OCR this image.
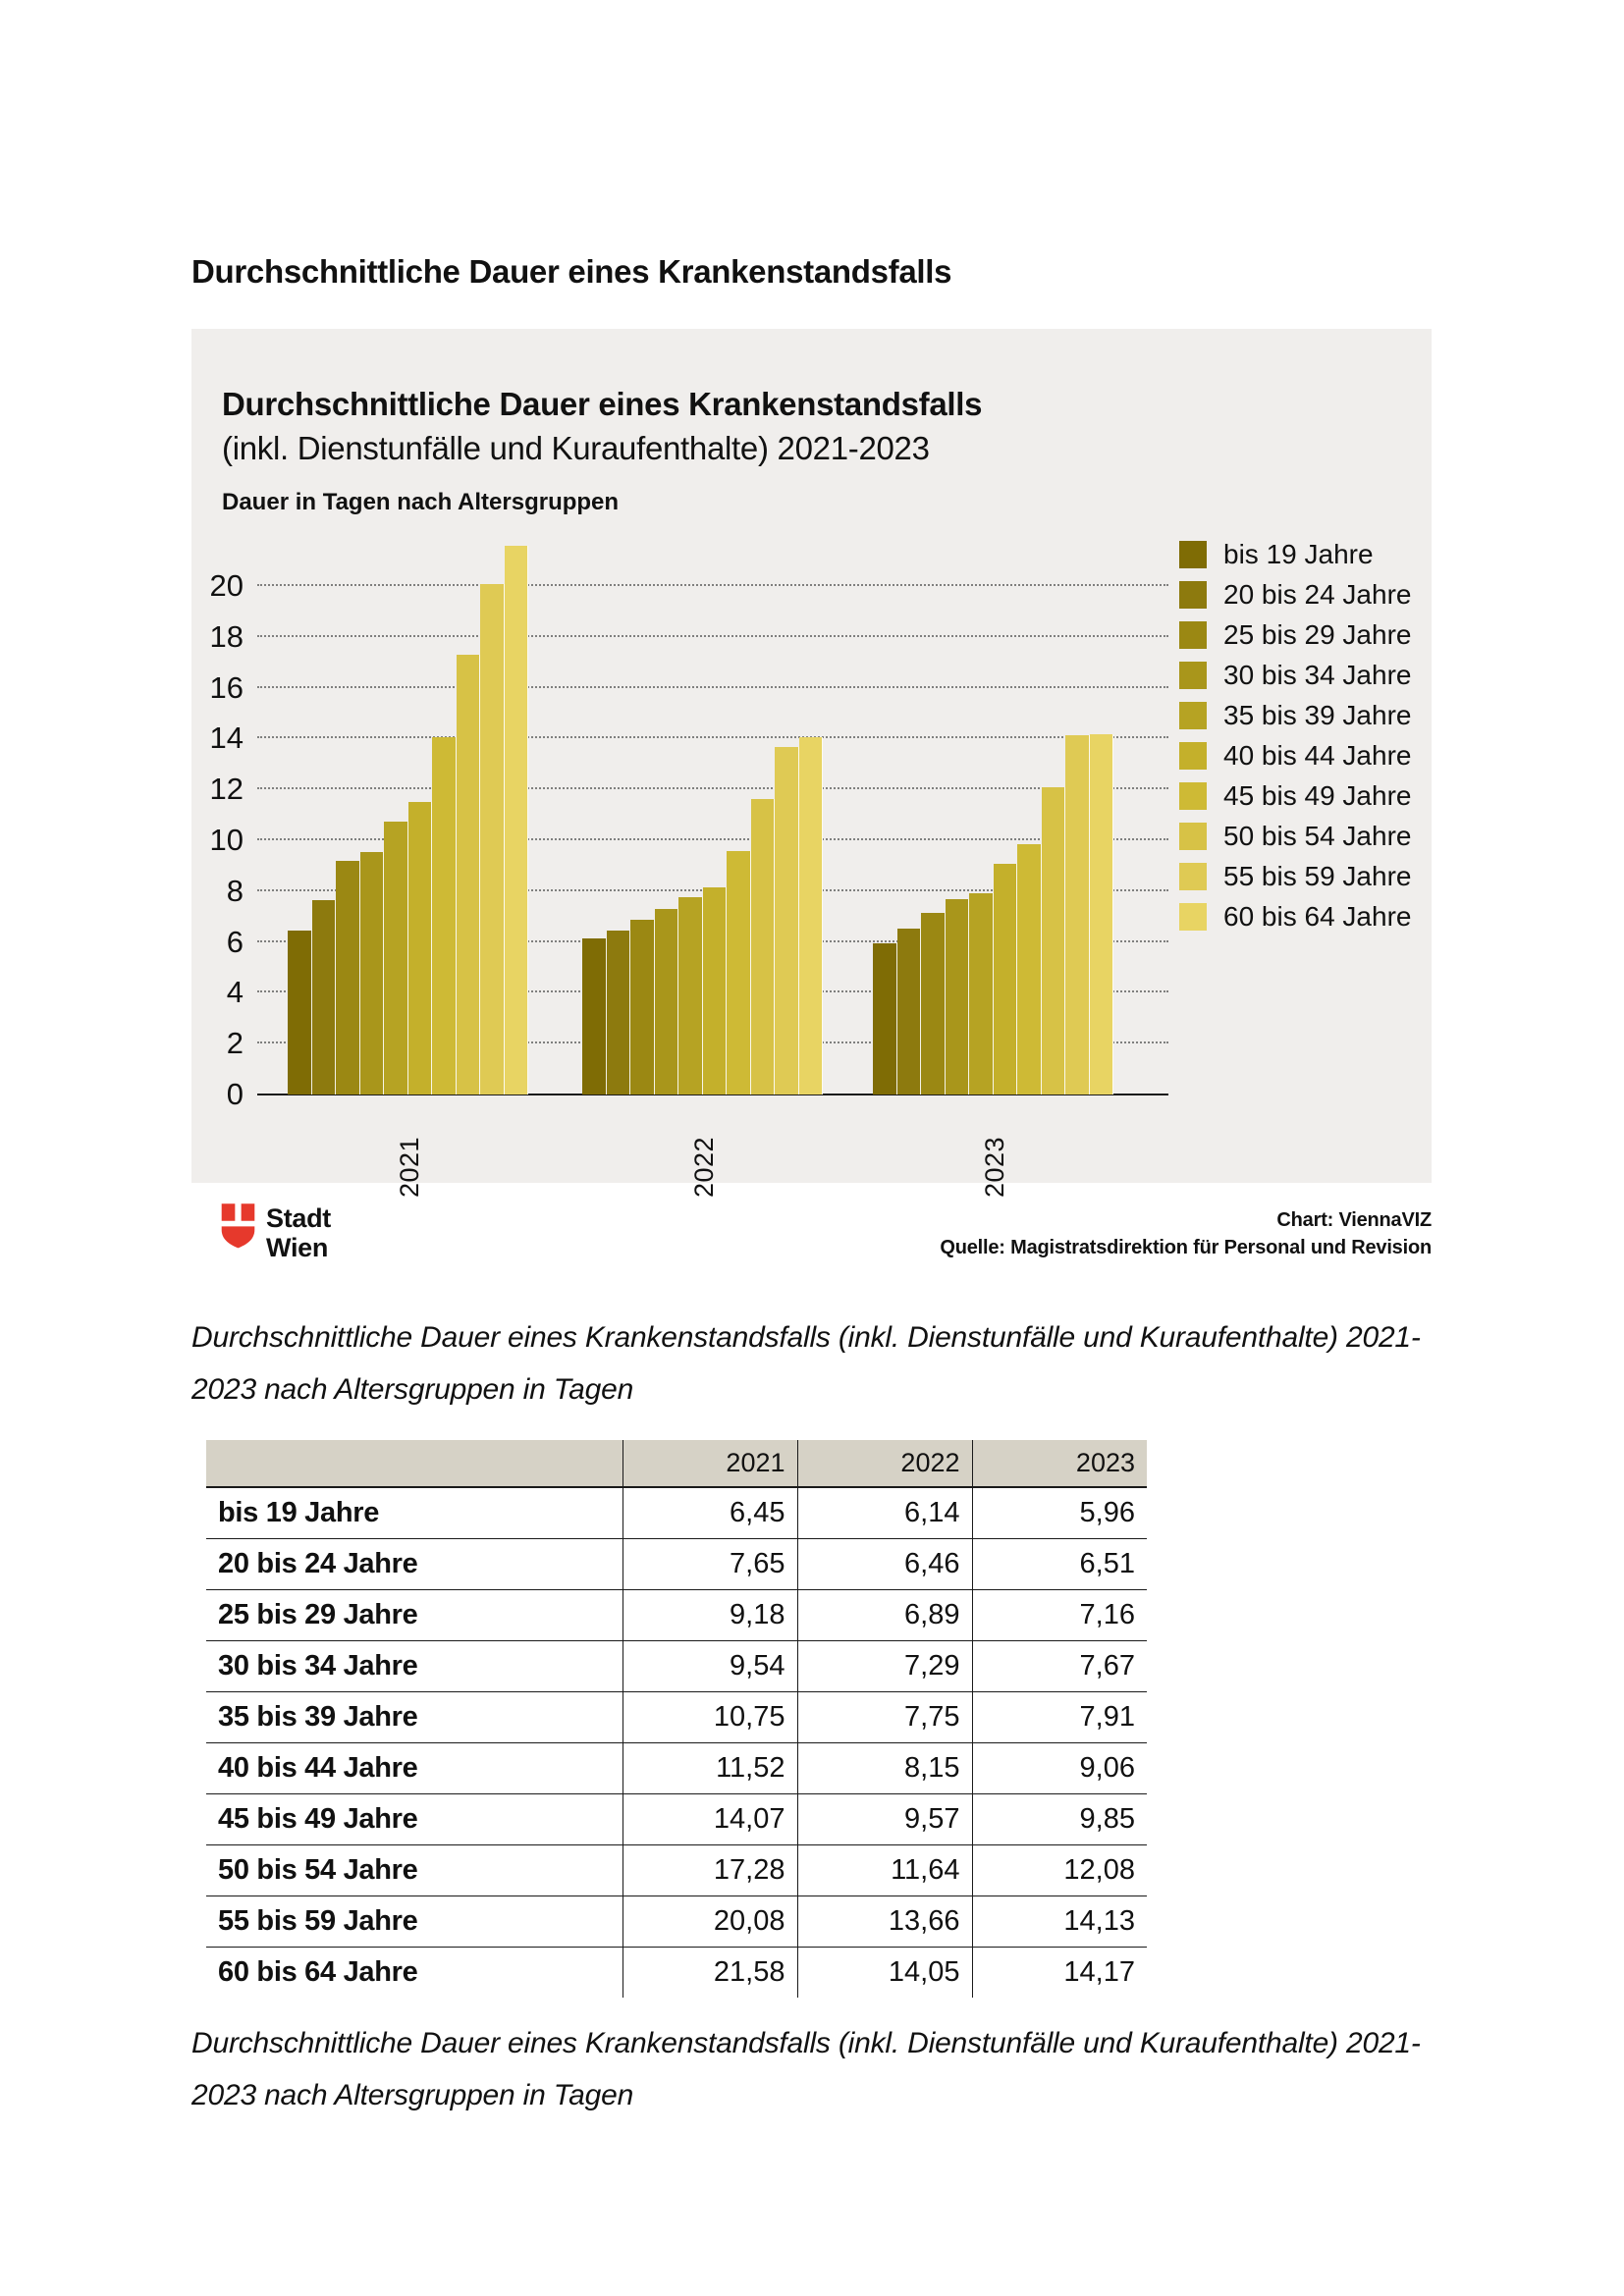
Durchschnittliche Dauer eines Krankenstandsfalls
Durchschnittliche Dauer eines Krankenstandsfalls
(inkl. Dienstunfälle und Kuraufenthalte) 2021-2023
Dauer in Tagen nach Altersgruppen
0
2
4
6
8
10
12
14
16
18
20
2021	2022	2023
bis 19 Jahre
20 bis 24 Jahre
25 bis 29 Jahre
30 bis 34 Jahre
35 bis 39 Jahre
40 bis 44 Jahre
45 bis 49 Jahre
50 bis 54 Jahre
55 bis 59 Jahre
60 bis 64 Jahre
Stadt
Wien
Chart: ViennaVIZ
Quelle: Magistratsdirektion für Personal und Revision

Durchschnittliche Dauer eines Krankenstandsfalls (inkl. Dienstunfälle und Kuraufenthalte) 2021-2023 nach Altersgruppen in Tagen

	2021	2022	2023
bis 19 Jahre	6,45	6,14	5,96
20 bis 24 Jahre	7,65	6,46	6,51
25 bis 29 Jahre	9,18	6,89	7,16
30 bis 34 Jahre	9,54	7,29	7,67
35 bis 39 Jahre	10,75	7,75	7,91
40 bis 44 Jahre	11,52	8,15	9,06
45 bis 49 Jahre	14,07	9,57	9,85
50 bis 54 Jahre	17,28	11,64	12,08
55 bis 59 Jahre	20,08	13,66	14,13
60 bis 64 Jahre	21,58	14,05	14,17

Durchschnittliche Dauer eines Krankenstandsfalls (inkl. Dienstunfälle und Kuraufenthalte) 2021-2023 nach Altersgruppen in Tagen
